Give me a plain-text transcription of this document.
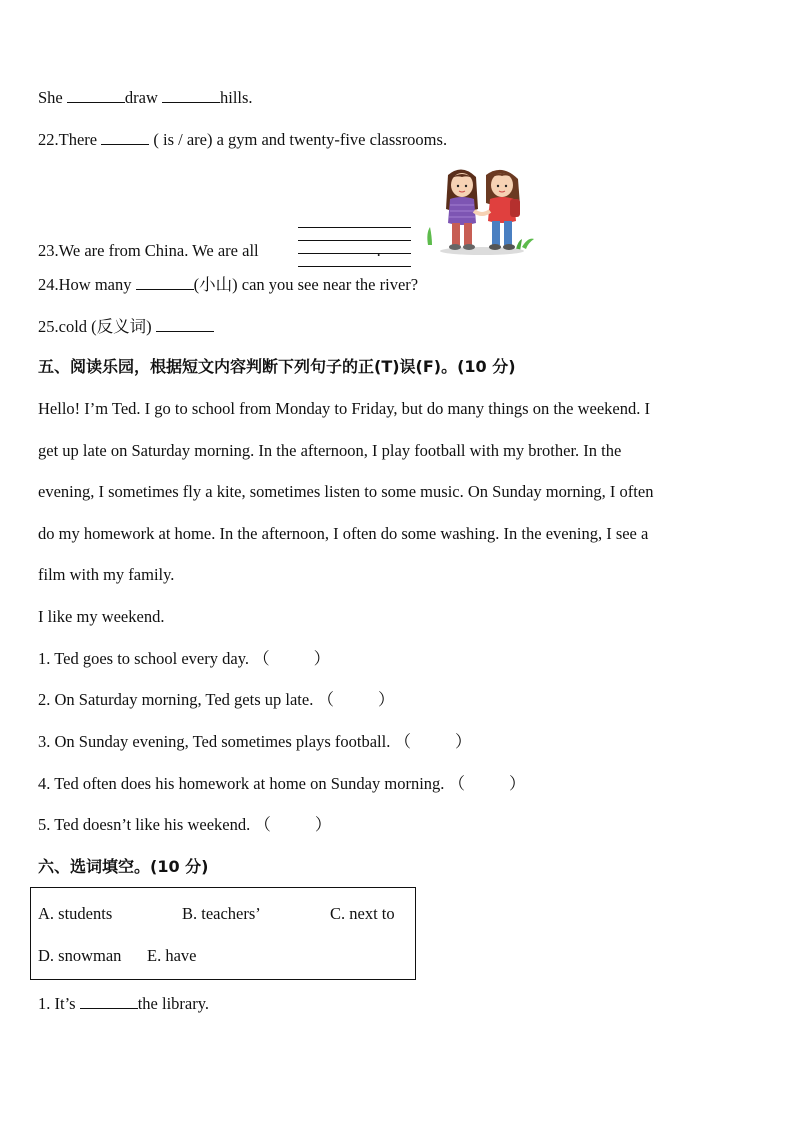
She	draw	hills.
22.There	( is / are) a gym and twenty-five classrooms.
23.We are from China. We are all	.
24.How many	(小山) can you see near the river?
25.cold (反义词)
五、阅读乐园，根据短文内容判断下列句子的正(T)误(F)。(10 分)
Hello! I’m Ted. I go to school from Monday to Friday, but do many things on the weekend. I
get up late on Saturday morning. In the afternoon, I play football with my brother. In the
evening, I sometimes fly a kite, sometimes listen to some music. On Sunday morning, I often
do my homework at home. In the afternoon, I often do some washing. In the evening, I see a
film with my family.
I like my weekend.
1. Ted goes to school every day. （	）
2. On Saturday morning, Ted gets up late. （	）
3. On Sunday evening, Ted sometimes plays football. （	）
4. Ted often does his homework at home on Sunday morning. （	）
5. Ted doesn’t like his weekend. （	）
六、选词填空。(10 分)
A. students	B. teachers’	C. next to
D. snowman E. have
1. It’s	the library.
